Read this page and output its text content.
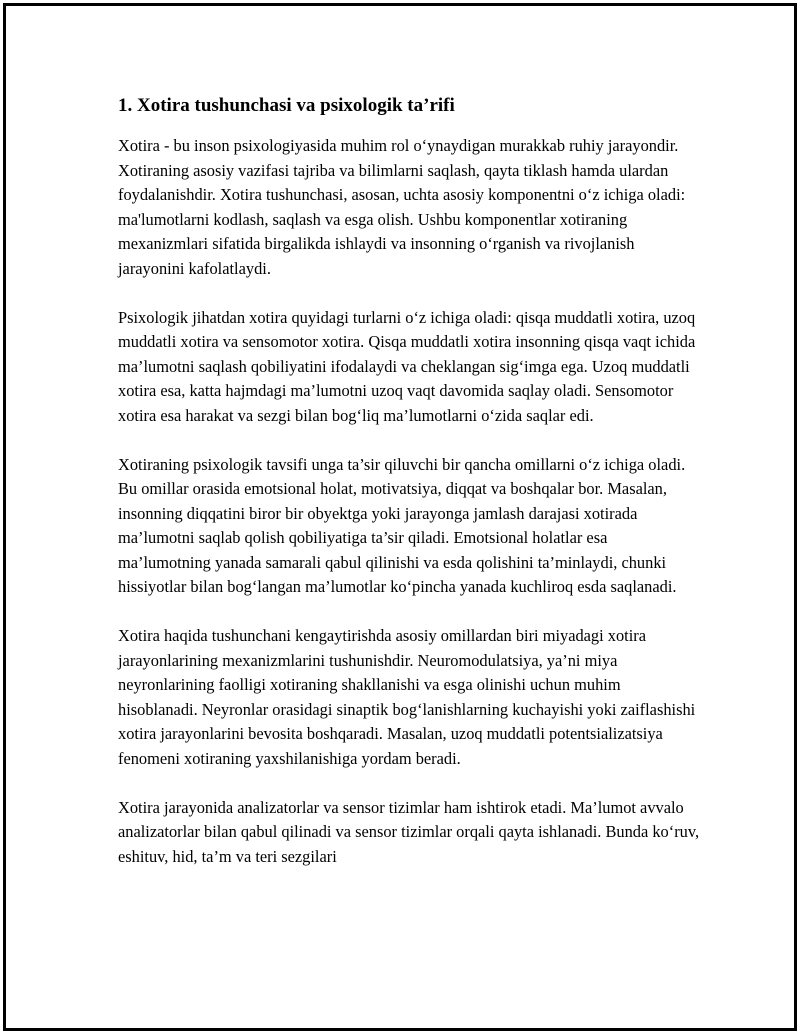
1. Xotira tushunchasi va psixologik ta’rifi

Xotira - bu inson psixologiyasida muhim rol oʻynaydigan murakkab ruhiy jarayondir. Xotiraning asosiy vazifasi tajriba va bilimlarni saqlash, qayta tiklash hamda ulardan foydalanishdir. Xotira tushunchasi, asosan, uchta asosiy komponentni oʻz ichiga oladi: ma'lumotlarni kodlash, saqlash va esga olish. Ushbu komponentlar xotiraning mexanizmlari sifatida birgalikda ishlaydi va insonning oʻrganish va rivojlanish jarayonini kafolatlaydi.

Psixologik jihatdan xotira quyidagi turlarni oʻz ichiga oladi: qisqa muddatli xotira, uzoq muddatli xotira va sensomotor xotira. Qisqa muddatli xotira insonning qisqa vaqt ichida ma’lumotni saqlash qobiliyatini ifodalaydi va cheklangan sigʻimga ega. Uzoq muddatli xotira esa, katta hajmdagi ma’lumotni uzoq vaqt davomida saqlay oladi. Sensomotor xotira esa harakat va sezgi bilan bogʻliq ma’lumotlarni oʻzida saqlar edi.

Xotiraning psixologik tavsifi unga ta’sir qiluvchi bir qancha omillarni oʻz ichiga oladi. Bu omillar orasida emotsional holat, motivatsiya, diqqat va boshqalar bor. Masalan, insonning diqqatini biror bir obyektga yoki jarayonga jamlash darajasi xotirada ma’lumotni saqlab qolish qobiliyatiga ta’sir qiladi. Emotsional holatlar esa ma’lumotning yanada samarali qabul qilinishi va esda qolishini ta’minlaydi, chunki hissiyotlar bilan bogʻlangan ma’lumotlar koʻpincha yanada kuchliroq esda saqlanadi.

Xotira haqida tushunchani kengaytirishda asosiy omillardan biri miyadagi xotira jarayonlarining mexanizmlarini tushunishdir. Neuromodulatsiya, ya’ni miya neyronlarining faolligi xotiraning shakllanishi va esga olinishi uchun muhim hisoblanadi. Neyronlar orasidagi sinaptik bogʻlanishlarning kuchayishi yoki zaiflashishi xotira jarayonlarini bevosita boshqaradi. Masalan, uzoq muddatli potentsializatsiya fenomeni xotiraning yaxshilanishiga yordam beradi.

Xotira jarayonida analizatorlar va sensor tizimlar ham ishtirok etadi. Ma’lumot avvalo analizatorlar bilan qabul qilinadi va sensor tizimlar orqali qayta ishlanadi. Bunda koʻruv, eshituv, hid, ta’m va teri sezgilari
